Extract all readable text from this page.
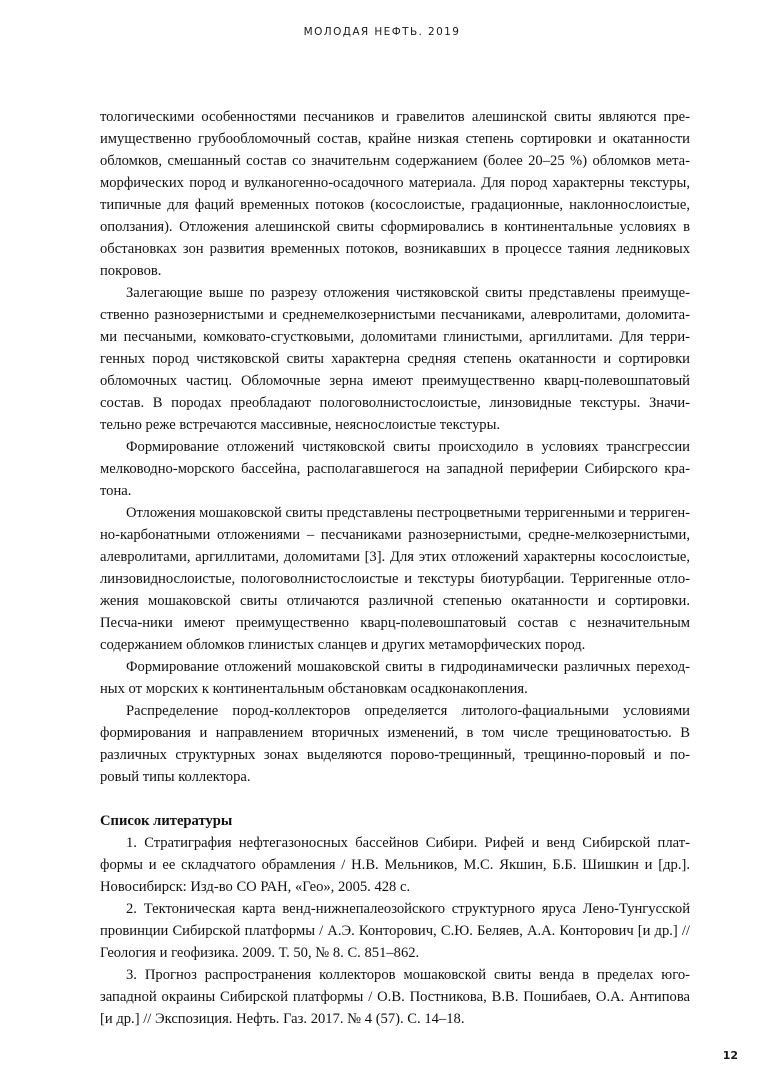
МОЛОДАЯ НЕФТЬ. 2019

тологическими особенностями песчаников и гравелитов алешинской свиты являются пре-имущественно грубообломочный состав, крайне низкая степень сортировки и окатанности обломков, смешанный состав со значительнм содержанием (более 20–25 %) обломков мета-морфических пород и вулканогенно-осадочного материала. Для пород характерны текстуры, типичные для фаций временных потоков (косослоистые, градационные, наклоннослоистые, оползания). Отложения алешинской свиты сформировались в континентальные условиях в обстановках зон развития временных потоков, возникавших в процессе таяния ледниковых покровов.

Залегающие выше по разрезу отложения чистяковской свиты представлены преимуще-ственно разнозернистыми и среднемелкозернистыми песчаниками, алевролитами, доломита-ми песчаными, комковато-сгустковыми, доломитами глинистыми, аргиллитами. Для терри-генных пород чистяковской свиты характерна средняя степень окатанности и сортировки обломочных частиц. Обломочные зерна имеют преимущественно кварц-полевошпатовый состав. В породах преобладают пологоволнистослоистые, линзовидные текстуры. Значи-тельно реже встречаются массивные, неяснослоистые текстуры.

Формирование отложений чистяковской свиты происходило в условиях трансгрессии мелководно-морского бассейна, располагавшегося на западной периферии Сибирского кра-тона.

Отложения мошаковской свиты представлены пестроцветными терригенными и терриген-но-карбонатными отложениями – песчаниками разнозернистыми, средне-мелкозернистыми, алевролитами, аргиллитами, доломитами [3]. Для этих отложений характерны косослоистые, линзовиднослоистые, пологоволнистослоистые и текстуры биотурбации. Терригенные отло-жения мошаковской свиты отличаются различной степенью окатанности и сортировки. Песча-ники имеют преимущественно кварц-полевошпатовый состав с незначительным содержанием обломков глинистых сланцев и других метаморфических пород.

Формирование отложений мошаковской свиты в гидродинамически различных переход-ных от морских к континентальным обстановкам осадконакопления.

Распределение пород-коллекторов определяется литолого-фациальными условиями формирования и направлением вторичных изменений, в том числе трещиноватостью. В различных структурных зонах выделяются порово-трещинный, трещинно-поровый и по-ровый типы коллектора.

Список литературы

1. Стратиграфия нефтегазоносных бассейнов Сибири. Рифей и венд Сибирской плат-формы и ее складчатого обрамления / Н.В. Мельников, М.С. Якшин, Б.Б. Шишкин и [др.]. Новосибирск: Изд-во СО РАН, «Гео», 2005. 428 с.

2. Тектоническая карта венд-нижнепалеозойского структурного яруса Лено-Тунгусской провинции Сибирской платформы / А.Э. Конторович, С.Ю. Беляев, А.А. Конторович [и др.] // Геология и геофизика. 2009. Т. 50, № 8. С. 851–862.

3. Прогноз распространения коллекторов мошаковской свиты венда в пределах юго-западной окраины Сибирской платформы / О.В. Постникова, В.В. Пошибаев, О.А. Антипова [и др.] // Экспозиция. Нефть. Газ. 2017. № 4 (57). С. 14–18.

12
